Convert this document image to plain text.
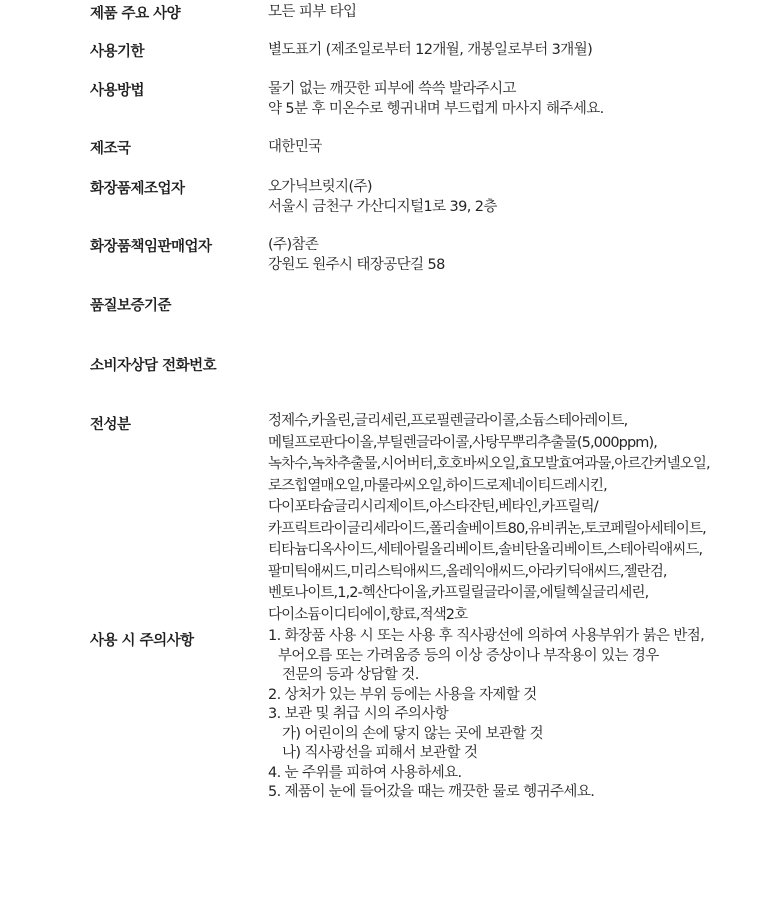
제품 주요 사양	모든 피부 타입
사용기한	별도표기 (제조일로부터 12개월, 개봉일로부터 3개월)
사용방법	물기 없는 깨끗한 피부에 쓱쓱 발라주시고
약 5분 후 미온수로 헹귀내며 부드럽게 마사지 해주세요.
제조국	대한민국
화장품제조업자	오가닉브릿지(주)
서울시 금천구 가산디지털1로 39, 2층
화장품책임판매업자	(주)참존
강원도 원주시 태장공단길 58
품질보증기준
소비자상담 전화번호
전성분	정제수,카올린,글리세린,프로필렌글라이콜,소듐스테아레이트,
메틸프로판다이올,부틸렌글라이콜,사탕무뿌리추출물(5,000ppm),
녹차수,녹차추출물,시어버터,호호바씨오일,효모발효여과물,아르간커넬오일,
로즈힙열매오일,마룰라씨오일,하이드로제네이티드레시킨,
다이포타슘글리시리제이트,아스타잔틴,베타인,카프릴릭/
카프릭트라이글리세라이드,폴리솔베이트80,유비퀴논,토코페릴아세테이트,
티타늄디옥사이드,세테아릴올리베이트,솔비탄올리베이트,스테아릭애씨드,
팔미틱애씨드,미리스틱애씨드,올레익애씨드,아라키딕애씨드,젤란검,
벤토나이트,1,2-헥산다이올,카프릴릴글라이콜,에틸헥실글리세린,
다이소듐이디티에이,향료,적색2호
사용 시 주의사항	1. 화장품 사용 시 또는 사용 후 직사광선에 의하여 사용부위가 붉은 반점,
부어오름 또는 가려움증 등의 이상 증상이나 부작용이 있는 경우
전문의 등과 상담할 것.
2. 상처가 있는 부위 등에는 사용을 자제할 것
3. 보관 및 취급 시의 주의사항
가) 어린이의 손에 닿지 않는 곳에 보관할 것
나) 직사광선을 피해서 보관할 것
4. 눈 주위를 피하여 사용하세요.
5. 제품이 눈에 들어갔을 때는 깨끗한 물로 헹귀주세요.
